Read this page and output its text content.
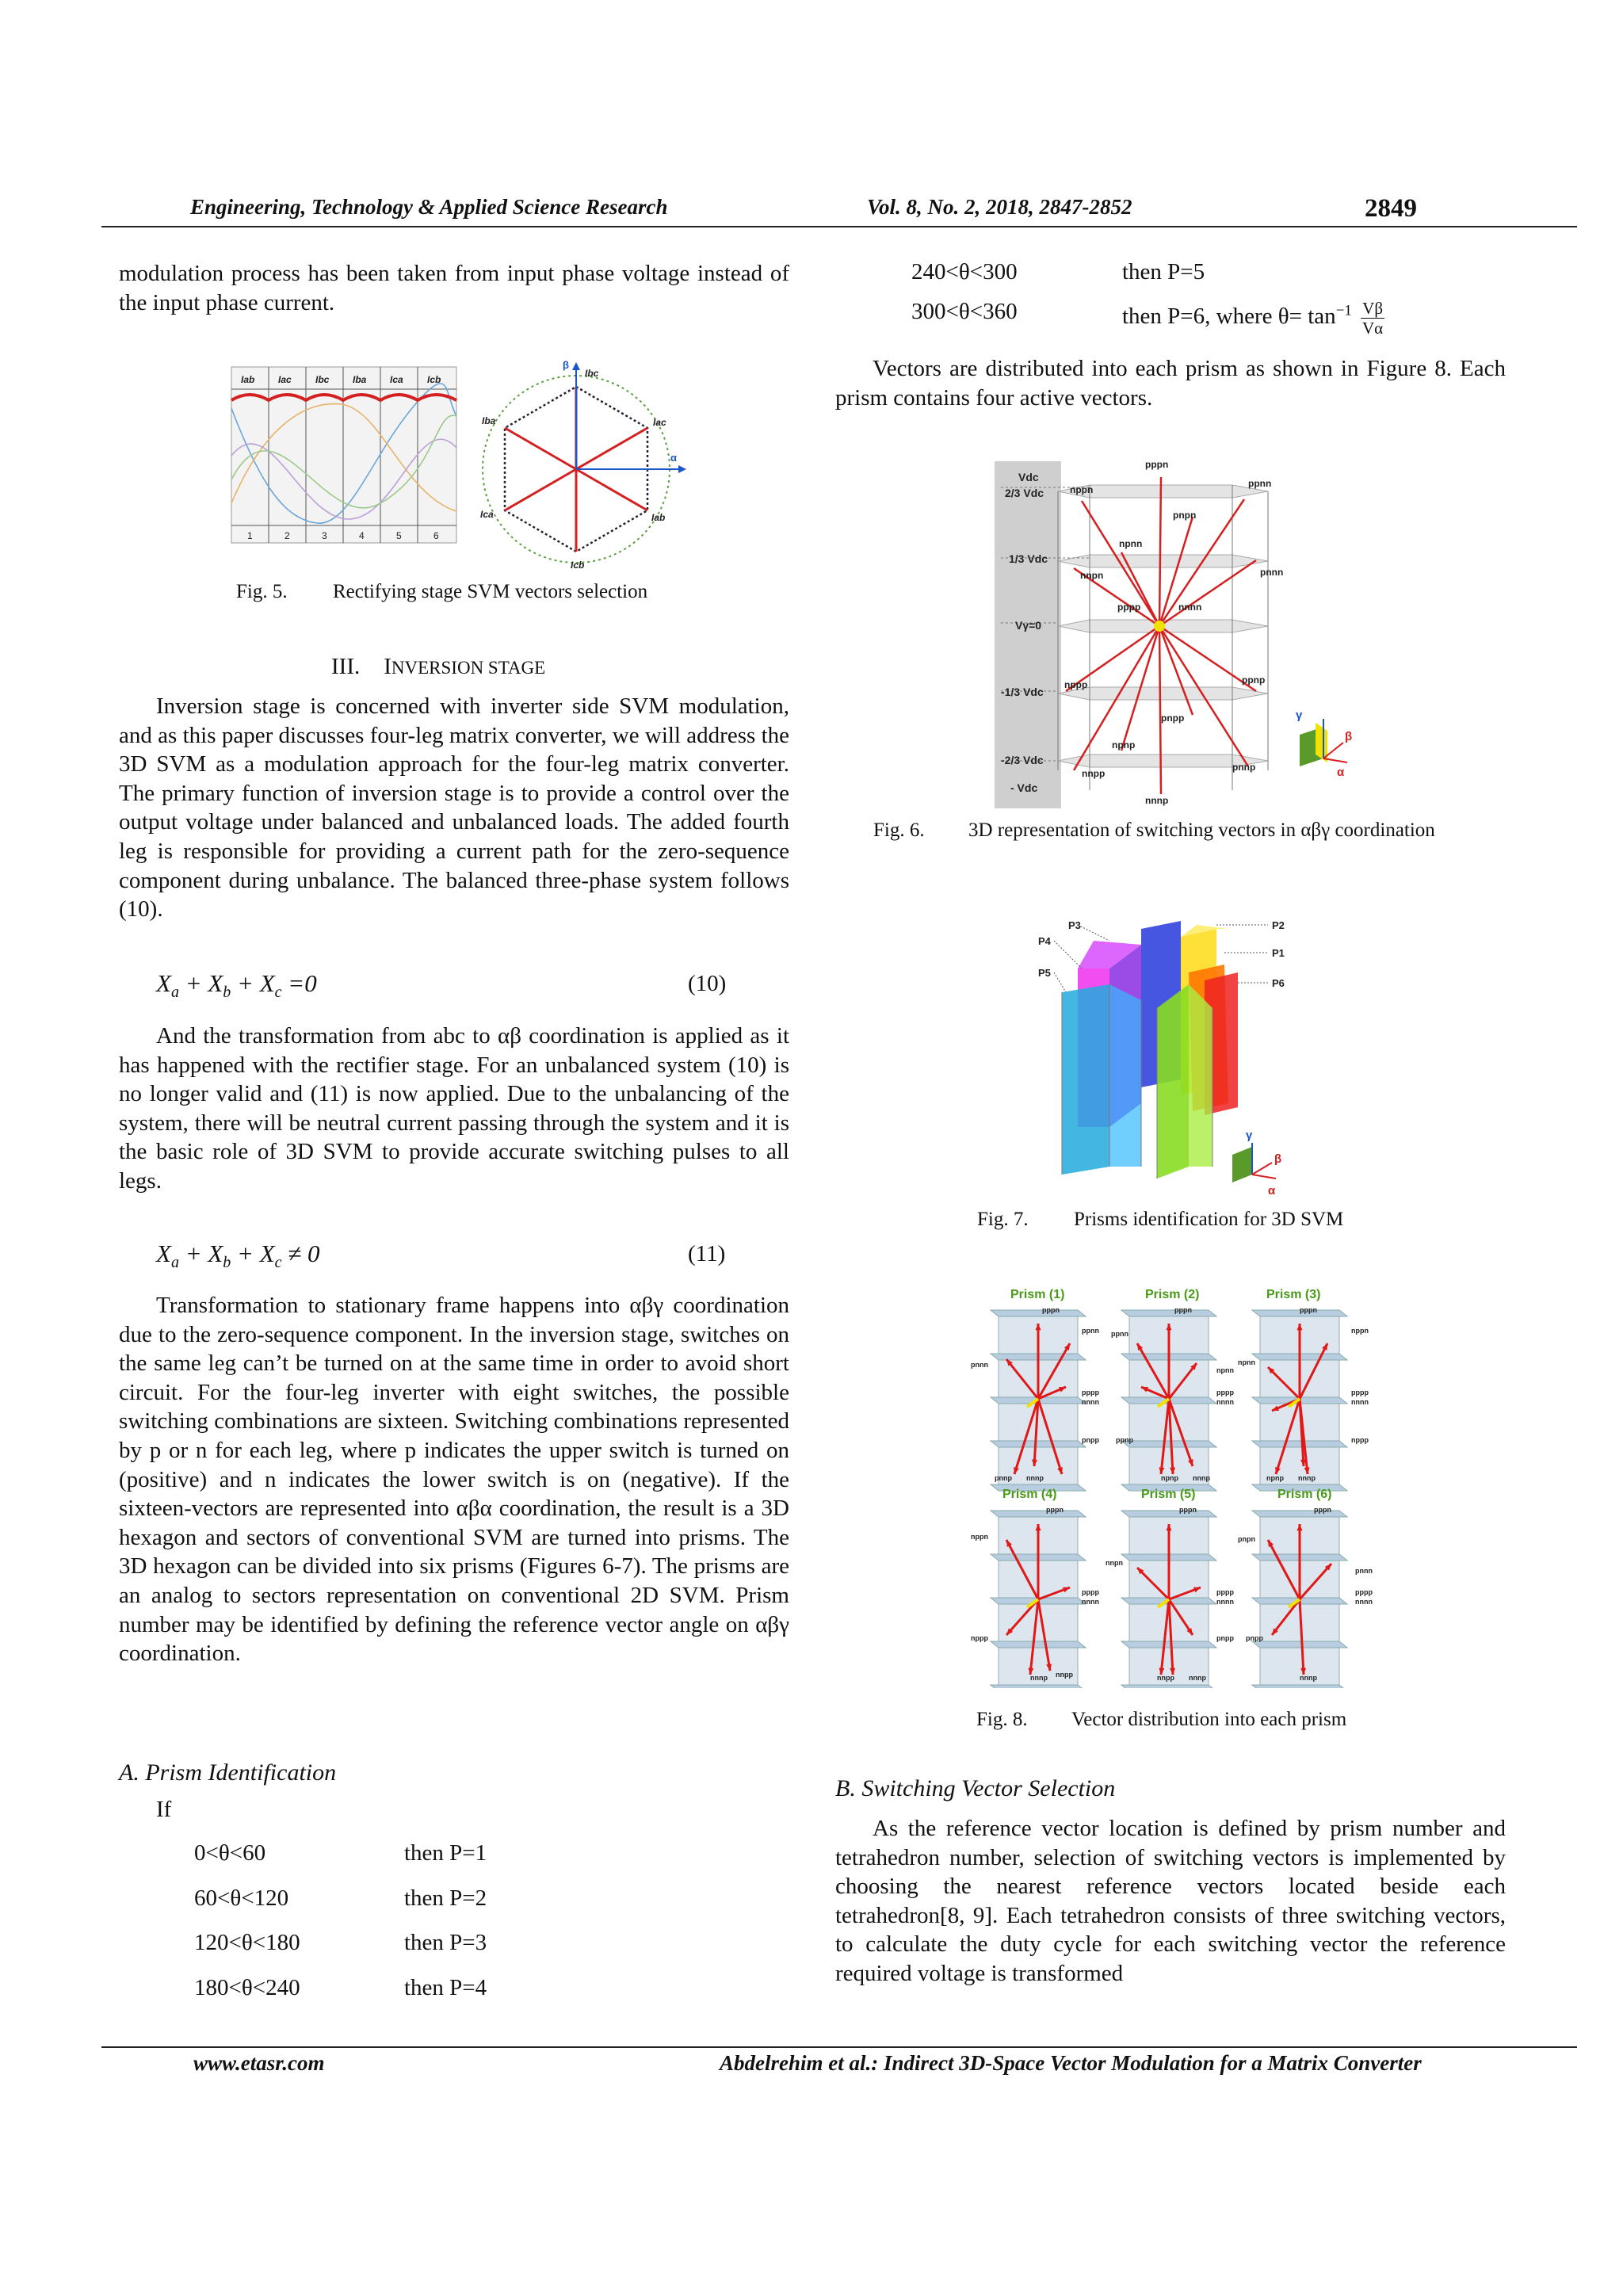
Engineering, Technology & Applied Science Research	Vol. 8, No. 2, 2018, 2847-2852	2849

modulation process has been taken from input phase voltage instead of the input phase current.

Iab Iac	Ibc Iba Ica	Icb
1	2	3	4	5	6
β
α
Ibc
Iba	Iac
Ica	Iab
Icb
Fig. 5. Rectifying stage SVM vectors selection
III. INVERSION STAGE

Inversion stage is concerned with inverter side SVM modulation, and as this paper discusses four-leg matrix converter, we will address the 3D SVM as a modulation approach for the four-leg matrix converter. The primary function of inversion stage is to provide a control over the output voltage under balanced and unbalanced loads. The added fourth leg is responsible for providing a current path for the zero-sequence component during unbalance. The balanced three-phase system follows (10).

$X_a + X_b + X_c =0$	(10)

And the transformation from abc to αβ coordination is applied as it has happened with the rectifier stage. For an unbalanced system (10) is no longer valid and (11) is now applied. Due to the unbalancing of the system, there will be neutral current passing through the system and it is the basic role of 3D SVM to provide accurate switching pulses to all legs.

$X_a + X_b + X_c \ne 0$	(11)

Transformation to stationary frame happens into αβγ coordination due to the zero-sequence component. In the inversion stage, switches on the same leg can’t be turned on at the same time in order to avoid short circuit. For the four-leg inverter with eight switches, the possible switching combinations are sixteen. Switching combinations represented by p or n for each leg, where p indicates the upper switch is turned on (positive) and n indicates the lower switch is on (negative). If the sixteen-vectors are represented into αβα coordination, the result is a 3D hexagon and sectors of conventional SVM are turned into prisms. The 3D hexagon can be divided into six prisms (Figures 6-7). The prisms are an analog to sectors representation on conventional 2D SVM. Prism number may be identified by defining the reference vector angle on αβγ coordination.

A. Prism Identification
If
0<θ<60	then P=1
60<θ<120	then P=2
120<θ<180	then P=3
180<θ<240	then P=4
240<θ<300	then P=5
300<θ<360	then P=6, where $\theta= \tan^{-1} \frac{V\beta}{V\alpha}$

Vectors are distributed into each prism as shown in Figure 8. Each prism contains four active vectors.

Vdc
2/3 Vdc
1/3 Vdc
Vγ=0
-1/3 Vdc
-2/3 Vdc
- Vdc
pppn
nppn
ppnn
pnpn
npnn
nnpn	pnnn
pppp	nnnn
nppp	ppnp
pnpp
npnp
nnpp
pnnp
nnnp
γ
β
α
Fig. 6. 3D representation of switching vectors in αβγ coordination
P3
P4
P5
P2
P1
P6
γ
β
α
Fig. 7. Prisms identification for 3D SVM
Prism (1)	Prism (2)	Prism (3)
Prism (4)	Prism (5)	Prism (6)
pppn
ppnn
pnnn
pppp
nnnn
pnpp
pnnp nnnp
pppn
ppnn
npnn
pppp
nnnn
ppnp
npnp nnnp
pppn
npnn
nppn
pppp
nnnn
nppp
npnp nnnp
pppn
nppn
pppp
nnnn
nppp
nnnp nnpp
pppn
nnpn
pppp
nnnn
pnpp
nnpp nnnp
pppn
pnpn
pnnn
pppp
nnnn
pnpp
nnnp
Fig. 8. Vector distribution into each prism
B. Switching Vector Selection

As the reference vector location is defined by prism number and tetrahedron number, selection of switching vectors is implemented by choosing the nearest reference vectors located beside each tetrahedron[8, 9]. Each tetrahedron consists of three switching vectors, to calculate the duty cycle for each switching vector the reference required voltage is transformed

www.etasr.com	Abdelrehim et al.: Indirect 3D-Space Vector Modulation for a Matrix Converter
